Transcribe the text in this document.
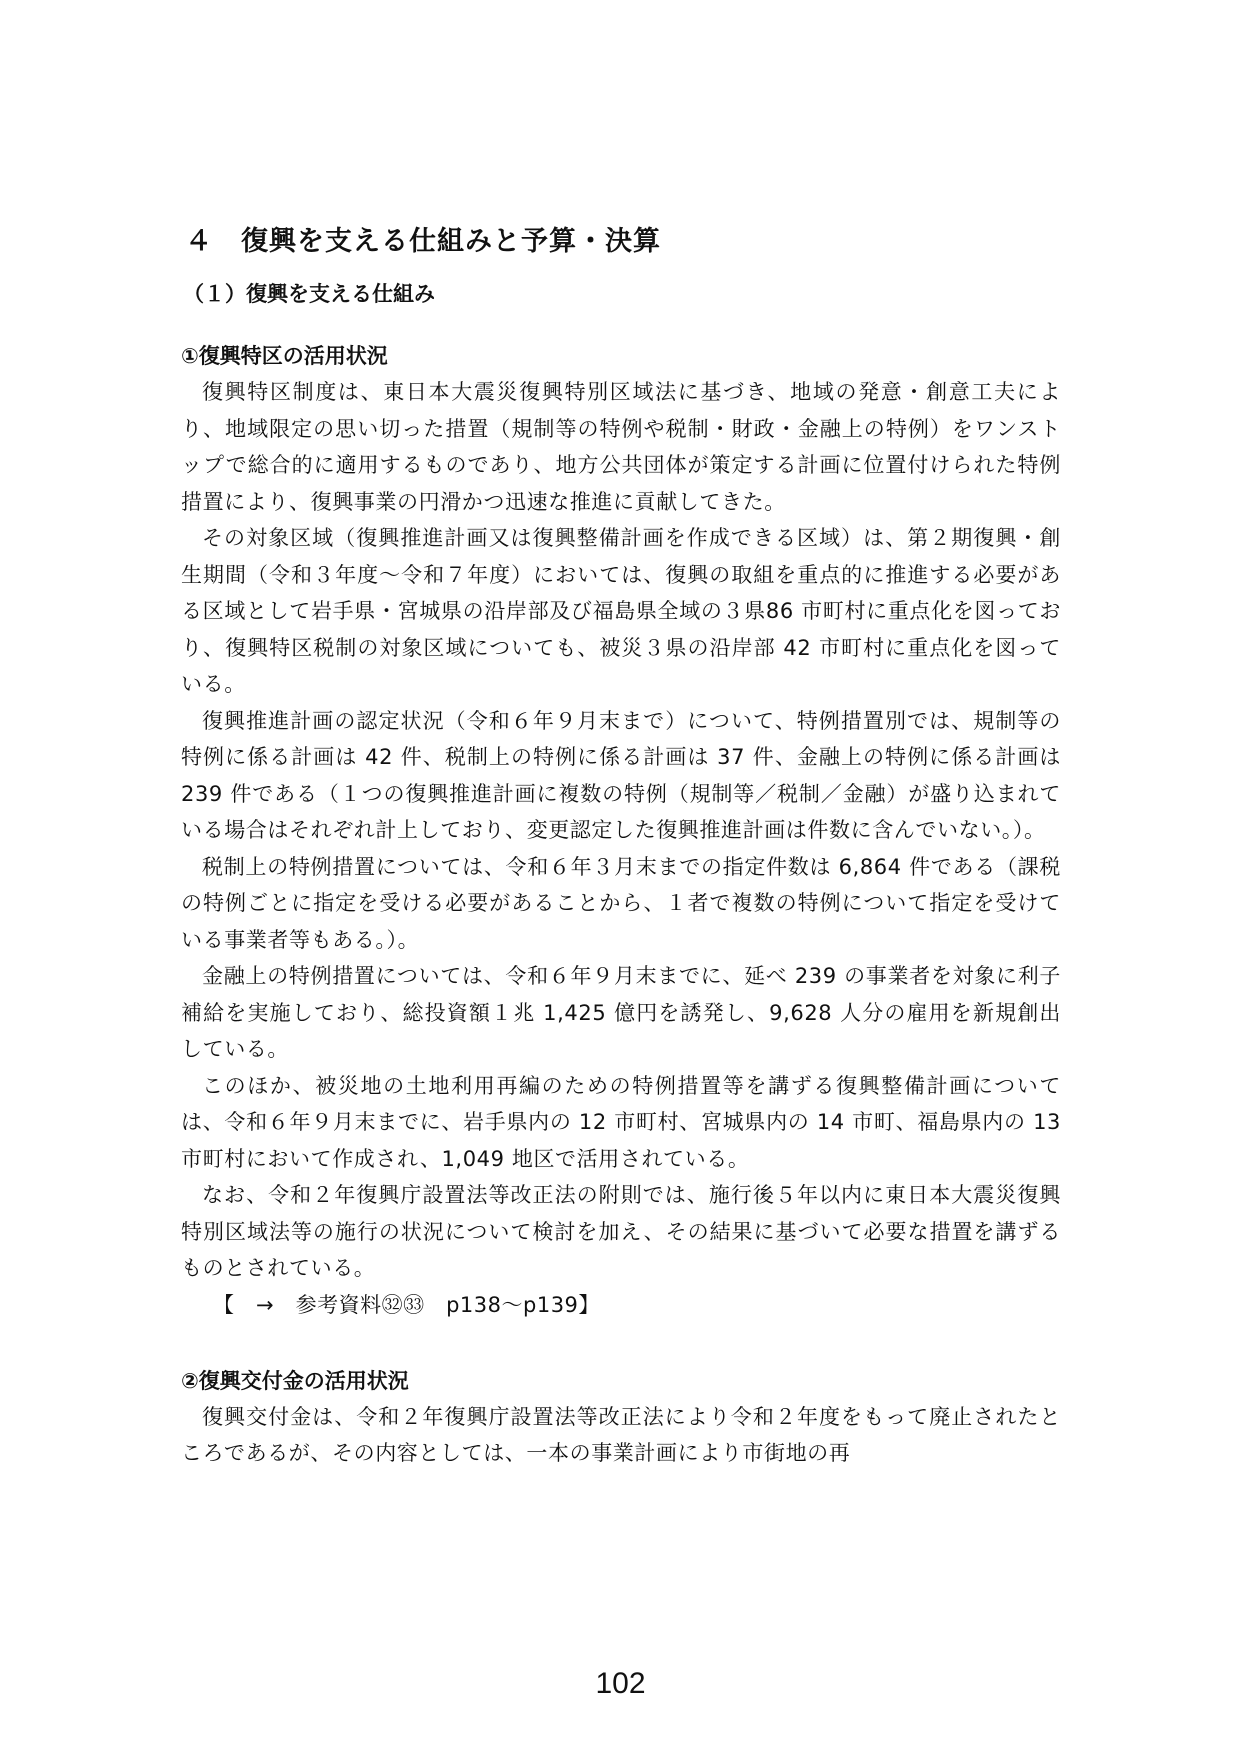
４　復興を支える仕組みと予算・決算
（１）復興を支える仕組み
①復興特区の活用状況

復興特区制度は、東日本大震災復興特別区域法に基づき、地域の発意・創意工夫により、地域限定の思い切った措置（規制等の特例や税制・財政・金融上の特例）をワンストップで総合的に適用するものであり、地方公共団体が策定する計画に位置付けられた特例措置により、復興事業の円滑かつ迅速な推進に貢献してきた。

その対象区域（復興推進計画又は復興整備計画を作成できる区域）は、第２期復興・創生期間（令和３年度～令和７年度）においては、復興の取組を重点的に推進する必要がある区域として岩手県・宮城県の沿岸部及び福島県全域の３県86 市町村に重点化を図っており、復興特区税制の対象区域についても、被災３県の沿岸部 42 市町村に重点化を図っている。

復興推進計画の認定状況（令和６年９月末まで）について、特例措置別では、規制等の特例に係る計画は 42 件、税制上の特例に係る計画は 37 件、金融上の特例に係る計画は 239 件である（１つの復興推進計画に複数の特例（規制等／税制／金融）が盛り込まれている場合はそれぞれ計上しており、変更認定した復興推進計画は件数に含んでいない。）。

税制上の特例措置については、令和６年３月末までの指定件数は 6,864 件である（課税の特例ごとに指定を受ける必要があることから、１者で複数の特例について指定を受けている事業者等もある。）。

金融上の特例措置については、令和６年９月末までに、延べ 239 の事業者を対象に利子補給を実施しており、総投資額１兆 1,425 億円を誘発し、9,628 人分の雇用を新規創出している。

このほか、被災地の土地利用再編のための特例措置等を講ずる復興整備計画については、令和６年９月末までに、岩手県内の 12 市町村、宮城県内の 14 市町、福島県内の 13 市町村において作成され、1,049 地区で活用されている。

なお、令和２年復興庁設置法等改正法の附則では、施行後５年以内に東日本大震災復興特別区域法等の施行の状況について検討を加え、その結果に基づいて必要な措置を講ずるものとされている。

【　→　参考資料㉜㉝　p138～p139】

②復興交付金の活用状況

復興交付金は、令和２年復興庁設置法等改正法により令和２年度をもって廃止されたところであるが、その内容としては、一本の事業計画により市街地の再

102
